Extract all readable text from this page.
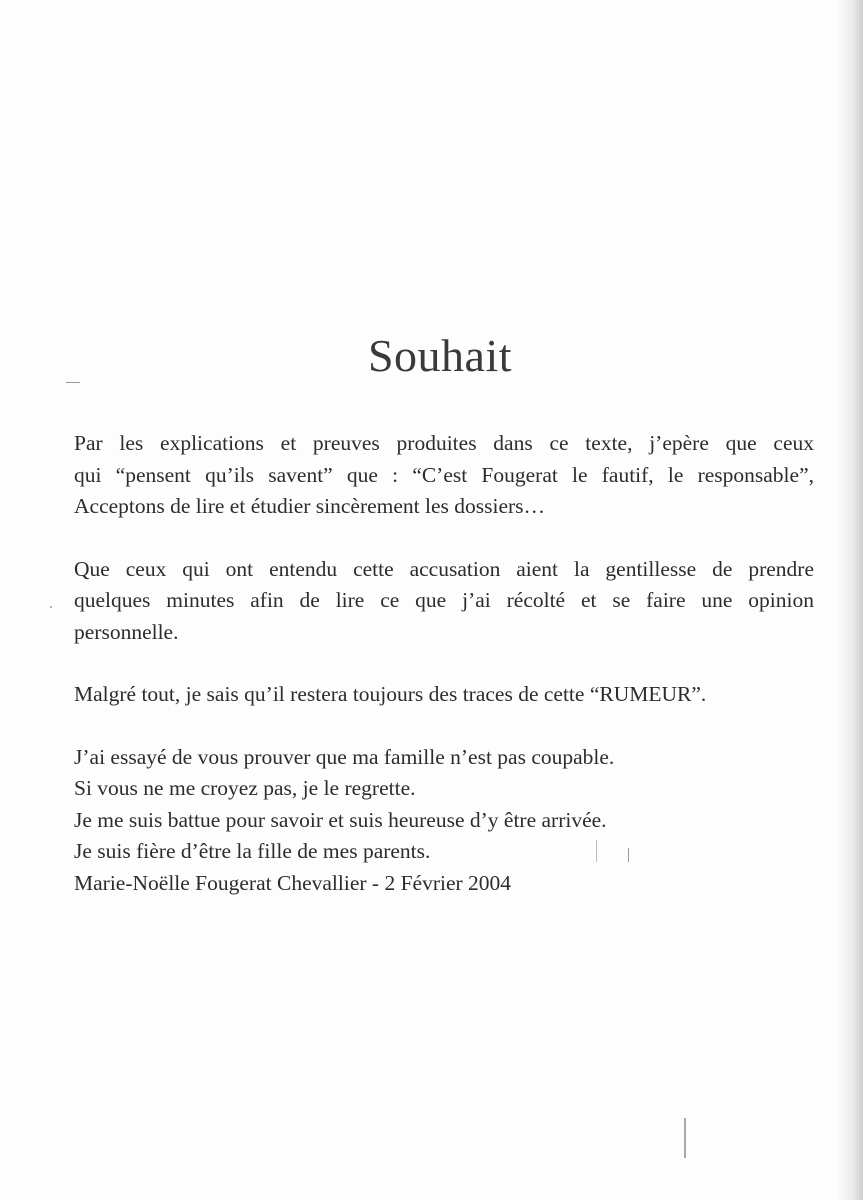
Souhait
Par les explications et preuves produites dans ce texte, j’epère que ceux
qui “pensent qu’ils savent” que : “C’est Fougerat le fautif, le responsable”,
Acceptons de lire et étudier sincèrement les dossiers…
Que ceux qui ont entendu cette accusation aient la gentillesse de prendre
quelques minutes afin de lire ce que j’ai récolté et se faire une opinion
personnelle.
Malgré tout, je sais qu’il restera toujours des traces de cette “RUMEUR”.
J’ai essayé de vous prouver que ma famille n’est pas coupable.
Si vous ne me croyez pas, je le regrette.
Je me suis battue pour savoir et suis heureuse d’y être arrivée.
Je suis fière d’être la fille de mes parents.
Marie-Noëlle Fougerat Chevallier - 2 Février 2004
